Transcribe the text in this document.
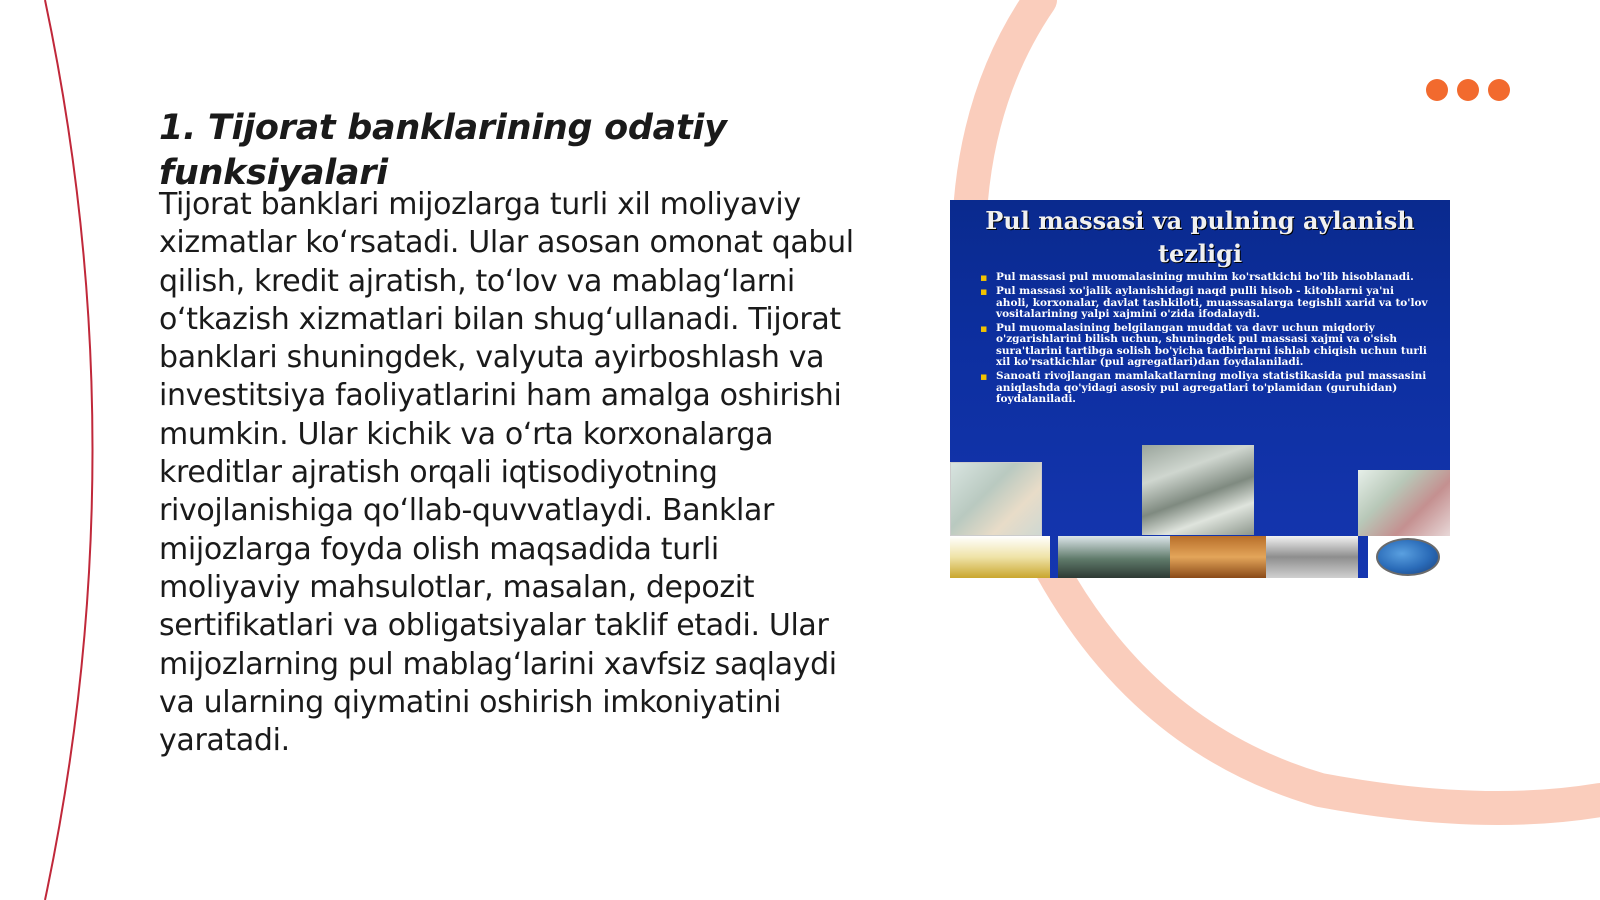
1. Tijorat banklarining odatiy funksiyalari

Tijorat banklari mijozlarga turli xil moliyaviy xizmatlar koʻrsatadi. Ular asosan omonat qabul qilish, kredit ajratish, toʻlov va mablagʻlarni oʻtkazish xizmatlari bilan shugʻullanadi. Tijorat banklari shuningdek, valyuta ayirboshlash va investitsiya faoliyatlarini ham amalga oshirishi mumkin. Ular kichik va oʻrta korxonalarga kreditlar ajratish orqali iqtisodiyotning rivojlanishiga qoʻllab-quvvatlaydi. Banklar mijozlarga foyda olish maqsadida turli moliyaviy mahsulotlar, masalan, depozit sertifikatlari va obligatsiyalar taklif etadi. Ular mijozlarning pul mablagʻlarini xavfsiz saqlaydi va ularning qiymatini oshirish imkoniyatini yaratadi.

Pul massasi va pulning aylanish tezligi
▪ Pul massasi pul muomalasining muhim ko'rsatkichi bo'lib hisoblanadi.
▪ Pul massasi xo'jalik aylanishidagi naqd pulli hisob - kitoblarni ya'ni aholi, korxonalar, davlat tashkiloti, muassasalarga tegishli xarid va to'lov vositalarining yalpi xajmini o'zida ifodalaydi.
▪ Pul muomalasining belgilangan muddat va davr uchun miqdoriy o'zgarishlarini bilish uchun, shuningdek pul massasi xajmi va o'sish sura'tlarini tartibga solish bo'yicha tadbirlarni ishlab chiqish uchun turli xil ko'rsatkichlar (pul agregatlari)dan foydalaniladi.
▪ Sanoati rivojlangan mamlakatlarning moliya statistikasida pul massasini aniqlashda qo'yidagi asosiy pul agregatlari to'plamidan (guruhidan) foydalaniladi.
